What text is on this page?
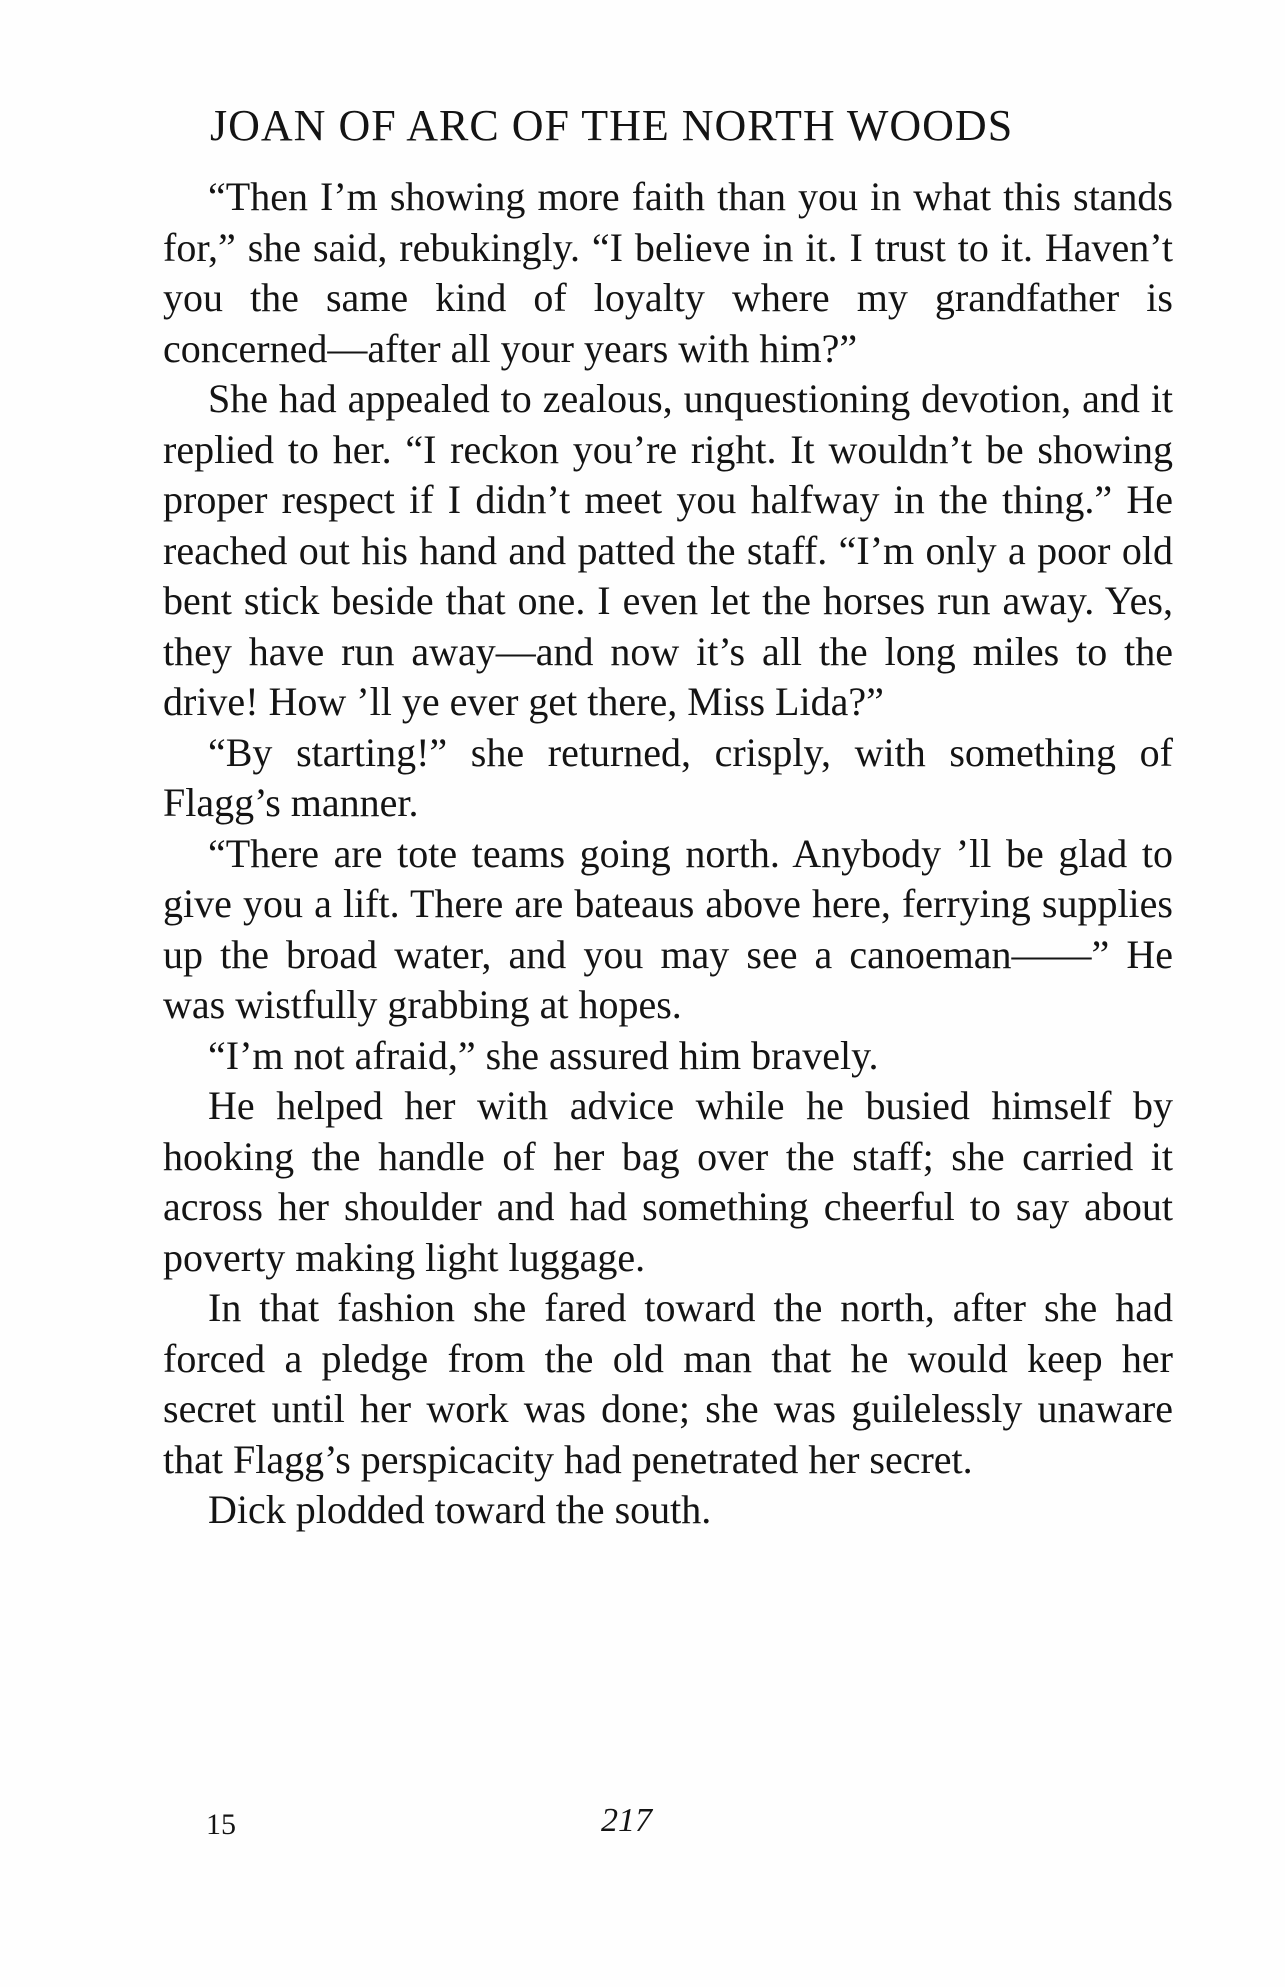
JOAN OF ARC OF THE NORTH WOODS

“Then I’m showing more faith than you in what this stands for,” she said, rebukingly. “I believe in it. I trust to it. Haven’t you the same kind of loyalty where my grandfather is concerned—after all your years with him?”

She had appealed to zealous, unquestioning devotion, and it replied to her. “I reckon you’re right. It wouldn’t be showing proper respect if I didn’t meet you halfway in the thing.” He reached out his hand and patted the staff. “I’m only a poor old bent stick beside that one. I even let the horses run away. Yes, they have run away—and now it’s all the long miles to the drive! How ’ll ye ever get there, Miss Lida?”

“By starting!” she returned, crisply, with something of Flagg’s manner.

“There are tote teams going north. Anybody ’ll be glad to give you a lift. There are bateaus above here, ferrying supplies up the broad water, and you may see a canoeman——” He was wistfully grabbing at hopes.

“I’m not afraid,” she assured him bravely.

He helped her with advice while he busied himself by hooking the handle of her bag over the staff; she carried it across her shoulder and had something cheerful to say about poverty making light luggage.

In that fashion she fared toward the north, after she had forced a pledge from the old man that he would keep her secret until her work was done; she was guilelessly unaware that Flagg’s perspicacity had penetrated her secret.

Dick plodded toward the south.

15	217
